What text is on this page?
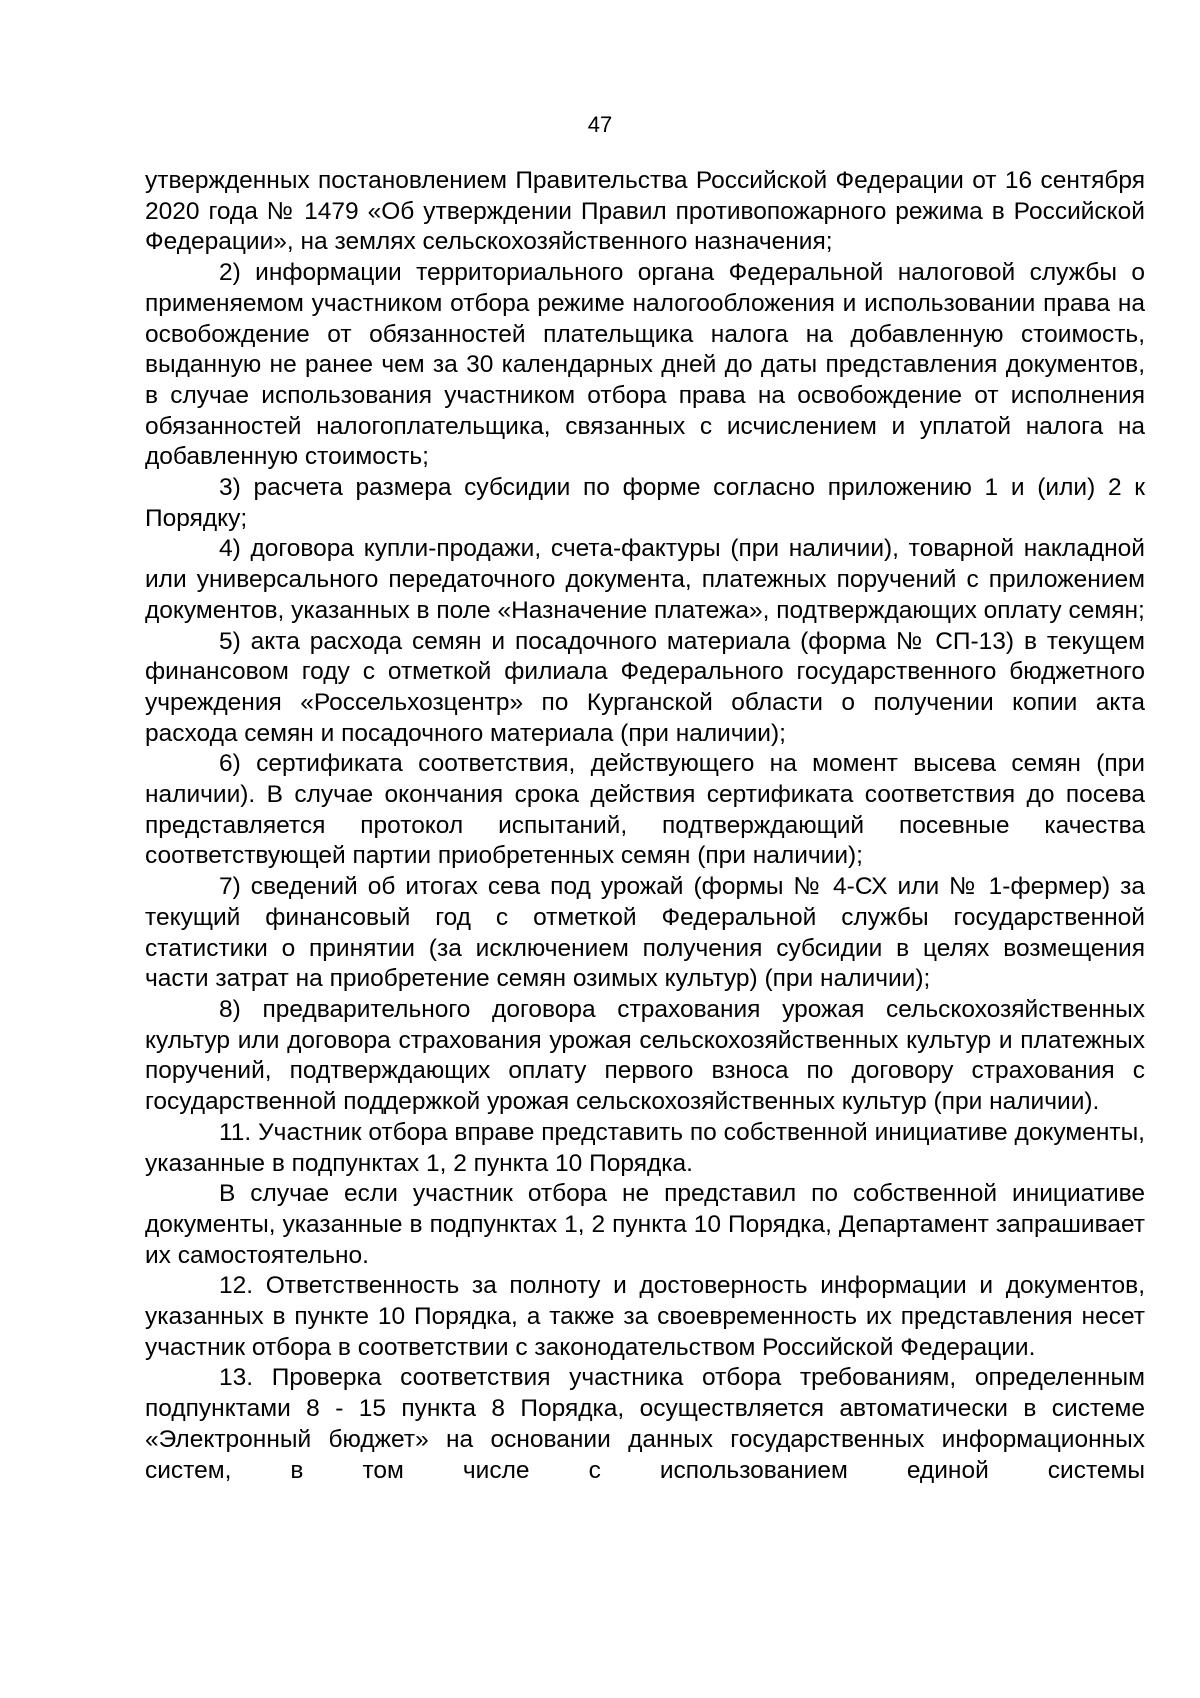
47

утвержденных постановлением Правительства Российской Федерации от 16 сентября 2020 года № 1479 «Об утверждении Правил противопожарного режима в Российской Федерации», на землях сельскохозяйственного назначения;

2) информации территориального органа Федеральной налоговой службы о применяемом участником отбора режиме налогообложения и использовании права на освобождение от обязанностей плательщика налога на добавленную стоимость, выданную не ранее чем за 30 календарных дней до даты представления документов, в случае использования участником отбора права на освобождение от исполнения обязанностей налогоплательщика, связанных с исчислением и уплатой налога на добавленную стоимость;

3) расчета размера субсидии по форме согласно приложению 1 и (или) 2 к Порядку;

4) договора купли-продажи, счета-фактуры (при наличии), товарной накладной или универсального передаточного документа, платежных поручений с приложением документов, указанных в поле «Назначение платежа», подтверждающих оплату семян;

5) акта расхода семян и посадочного материала (форма № СП-13) в текущем финансовом году с отметкой филиала Федерального государственного бюджетного учреждения «Россельхозцентр» по Курганской области о получении копии акта расхода семян и посадочного материала (при наличии);

6) сертификата соответствия, действующего на момент высева семян (при наличии). В случае окончания срока действия сертификата соответствия до посева представляется протокол испытаний, подтверждающий посевные качества соответствующей партии приобретенных семян (при наличии);

7) сведений об итогах сева под урожай (формы № 4-СХ или № 1-фермер) за текущий финансовый год с отметкой Федеральной службы государственной статистики о принятии (за исключением получения субсидии в целях возмещения части затрат на приобретение семян озимых культур) (при наличии);

8) предварительного договора страхования урожая сельскохозяйственных культур или договора страхования урожая сельскохозяйственных культур и платежных поручений, подтверждающих оплату первого взноса по договору страхования с государственной поддержкой урожая сельскохозяйственных культур (при наличии).

11. Участник отбора вправе представить по собственной инициативе документы, указанные в подпунктах 1, 2 пункта 10 Порядка.

В случае если участник отбора не представил по собственной инициативе документы, указанные в подпунктах 1, 2 пункта 10 Порядка, Департамент запрашивает их самостоятельно.

12. Ответственность за полноту и достоверность информации и документов, указанных в пункте 10 Порядка, а также за своевременность их представления несет участник отбора в соответствии с законодательством Российской Федерации.

13. Проверка соответствия участника отбора требованиям, определенным подпунктами 8 - 15 пункта 8 Порядка, осуществляется автоматически в системе «Электронный бюджет» на основании данных государственных информационных систем, в том числе с использованием единой системы
